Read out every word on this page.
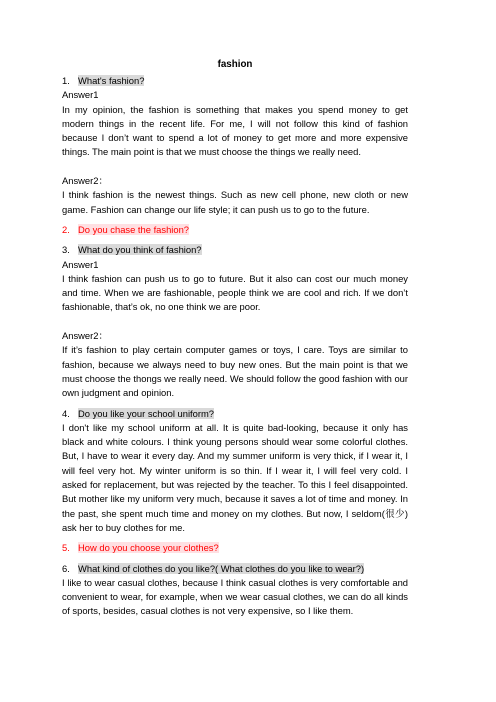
fashion
1. What's fashion?
Answer1
In my opinion, the fashion is something that makes you spend money to get modern things in the recent life. For me, I will not follow this kind of fashion because I don’t want to spend a lot of money to get more and more expensive things. The main point is that we must choose the things we really need.
Answer2：
I think fashion is the newest things. Such as new cell phone, new cloth or new game. Fashion can change our life style; it can push us to go to the future.
2. Do you chase the fashion?
3. What do you think of fashion?
Answer1
I think fashion can push us to go to future. But it also can cost our much money and time. When we are fashionable, people think we are cool and rich. If we don’t fashionable, that’s ok, no one think we are poor.
Answer2：
If it’s fashion to play certain computer games or toys, I care. Toys are similar to fashion, because we always need to buy new ones. But the main point is that we must choose the thongs we really need. We should follow the good fashion with our own judgment and opinion.
4. Do you like your school uniform?
I don't like my school uniform at all. It is quite bad-looking, because it only has black and white colours. I think young persons should wear some colorful clothes. But, I have to wear it every day. And my summer uniform is very thick, if I wear it, I will feel very hot. My winter uniform is so thin. If I wear it, I will feel very cold. I asked for replacement, but was rejected by the teacher. To this I feel disappointed. But mother like my uniform very much, because it saves a lot of time and money. In the past, she spent much time and money on my clothes. But now, I seldom(很少) ask her to buy clothes for me.
5. How do you choose your clothes?
6. What kind of clothes do you like?( What clothes do you like to wear?)
I like to wear casual clothes, because I think casual clothes is very comfortable and convenient to wear, for example, when we wear casual clothes, we can do all kinds of sports, besides, casual clothes is not very expensive, so I like them.
